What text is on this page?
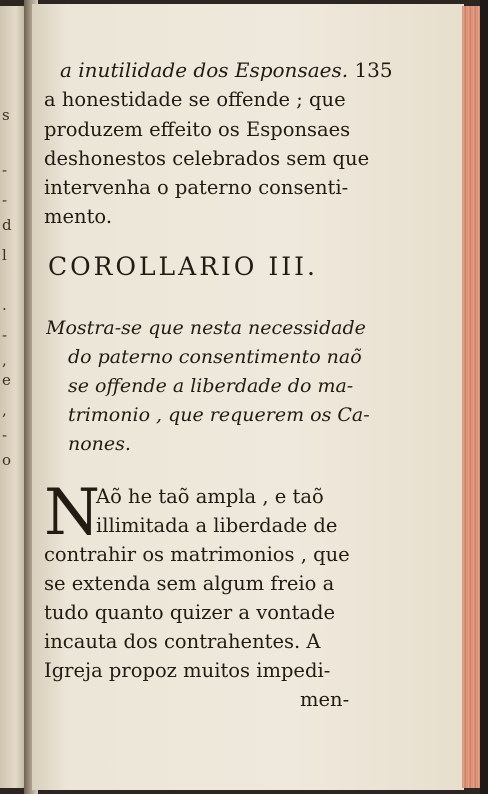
s
-
-
d
l
.
-
,
e
,
-
o
a inutilidade dos Esponsaes. 135
a honestidade se offende ; que
produzem effeito os Esponsaes
deshonestos celebrados sem que
intervenha o paterno consenti-
mento.
COROLLARIO III.
Mostra-se que nesta necessidade
do paterno consentimento naõ
se offende a liberdade do ma-
trimonio , que requerem os Ca-
nones.
N
Aõ he taõ ampla , e taõ
illimitada a liberdade de
contrahir os matrimonios , que
se extenda sem algum freio a
tudo quanto quizer a vontade
incauta dos contrahentes. A
Igreja propoz muitos impedi-
men-
